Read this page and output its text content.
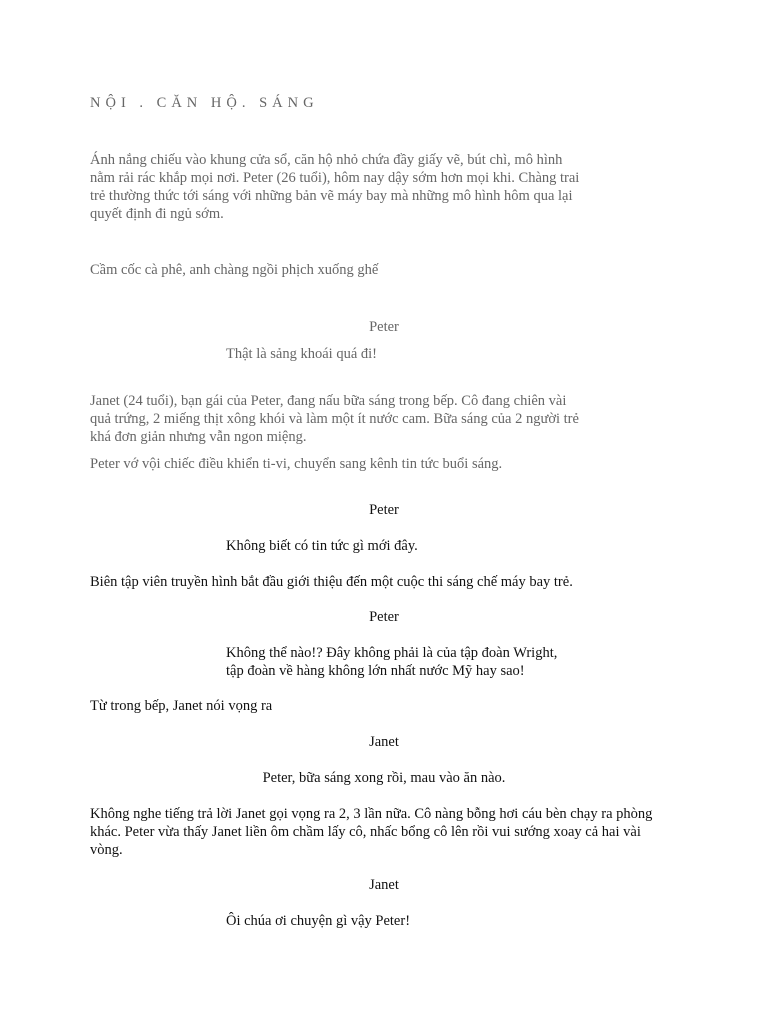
NỘI . CĂN HỘ. SÁNG

Ánh nắng chiếu vào khung cửa sổ, căn hộ nhỏ chứa đầy giấy vẽ, bút chì, mô hình
nằm rải rác khắp mọi nơi. Peter (26 tuổi), hôm nay dậy sớm hơn mọi khi. Chàng trai
trẻ thường thức tới sáng với những bản vẽ máy bay mà những mô hình hôm qua lại
quyết định đi ngủ sớm.

Cầm cốc cà phê, anh chàng ngồi phịch xuống ghế

Peter

Thật là sảng khoái quá đi!

Janet (24 tuổi), bạn gái của Peter, đang nấu bữa sáng trong bếp. Cô đang chiên vài
quả trứng, 2 miếng thịt xông khói và làm một ít nước cam. Bữa sáng của 2 người trẻ
khá đơn giản nhưng vẫn ngon miệng.

Peter vớ vội chiếc điều khiển ti-vi, chuyển sang kênh tin tức buổi sáng.

Peter

Không biết có tin tức gì mới đây.

Biên tập viên truyền hình bắt đầu giới thiệu đến một cuộc thi sáng chế máy bay trẻ.

Peter

Không thể nào!? Đây không phải là của tập đoàn Wright,
tập đoàn về hàng không lớn nhất nước Mỹ hay sao!

Từ trong bếp, Janet nói vọng ra

Janet

Peter, bữa sáng xong rồi, mau vào ăn nào.

Không nghe tiếng trả lời Janet gọi vọng ra 2, 3 lần nữa. Cô nàng bỗng hơi cáu bèn chạy ra phòng
khác. Peter vừa thấy Janet liền ôm chầm lấy cô, nhấc bổng cô lên rồi vui sướng xoay cả hai vài
vòng.

Janet

Ôi chúa ơi chuyện gì vậy Peter!
